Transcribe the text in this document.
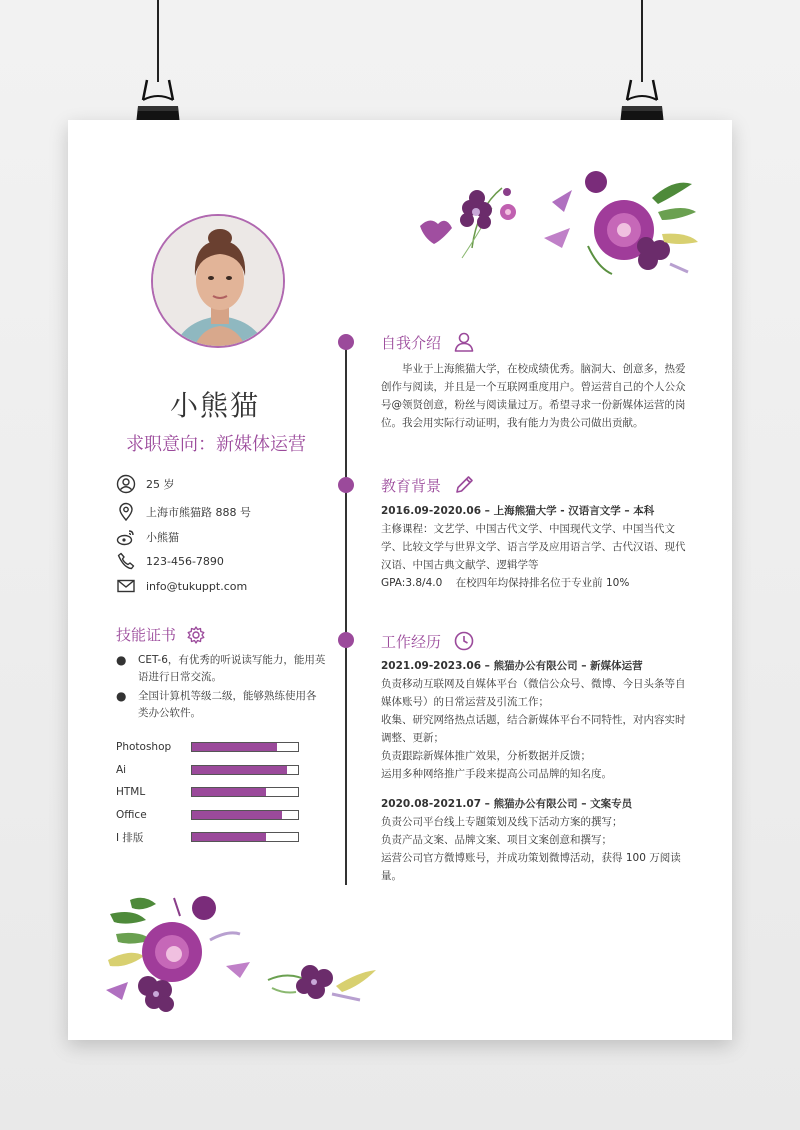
小熊猫
求职意向：新媒体运营
25 岁
上海市熊猫路 888 号
小熊猫
123-456-7890
info@tukuppt.com
技能证书
●	CET-6，有优秀的听说读写能力，能用英语进行日常交流。
●	全国计算机等级二级，能够熟练使用各类办公软件。
Photoshop
Ai
HTML
Office
I 排版
自我介绍
毕业于上海熊猫大学，在校成绩优秀。脑洞大、创意多，热爱创作与阅读，并且是一个互联网重度用户。曾运营自己的个人公众号@领贤创意，粉丝与阅读量过万。希望寻求一份新媒体运营的岗位。我会用实际行动证明，我有能力为贵公司做出贡献。
教育背景
2016.09-2020.06 – 上海熊猫大学 - 汉语言文学 – 本科
主修课程：文艺学、中国古代文学、中国现代文学、中国当代文学、比较文学与世界文学、语言学及应用语言学、古代汉语、现代汉语、中国古典文献学、逻辑学等
GPA:3.8/4.0    在校四年均保持排名位于专业前 10%
工作经历
2021.09-2023.06 – 熊猫办公有限公司 – 新媒体运营
负责移动互联网及自媒体平台（微信公众号、微博、今日头条等自媒体账号）的日常运营及引流工作；
收集、研究网络热点话题，结合新媒体平台不同特性，对内容实时调整、更新；
负责跟踪新媒体推广效果，分析数据并反馈；
运用多种网络推广手段来提高公司品牌的知名度。
2020.08-2021.07 – 熊猫办公有限公司 – 文案专员
负责公司平台线上专题策划及线下活动方案的撰写；
负责产品文案、品牌文案、项目文案创意和撰写；
运营公司官方微博账号，并成功策划微博活动，获得 100 万阅读量。
